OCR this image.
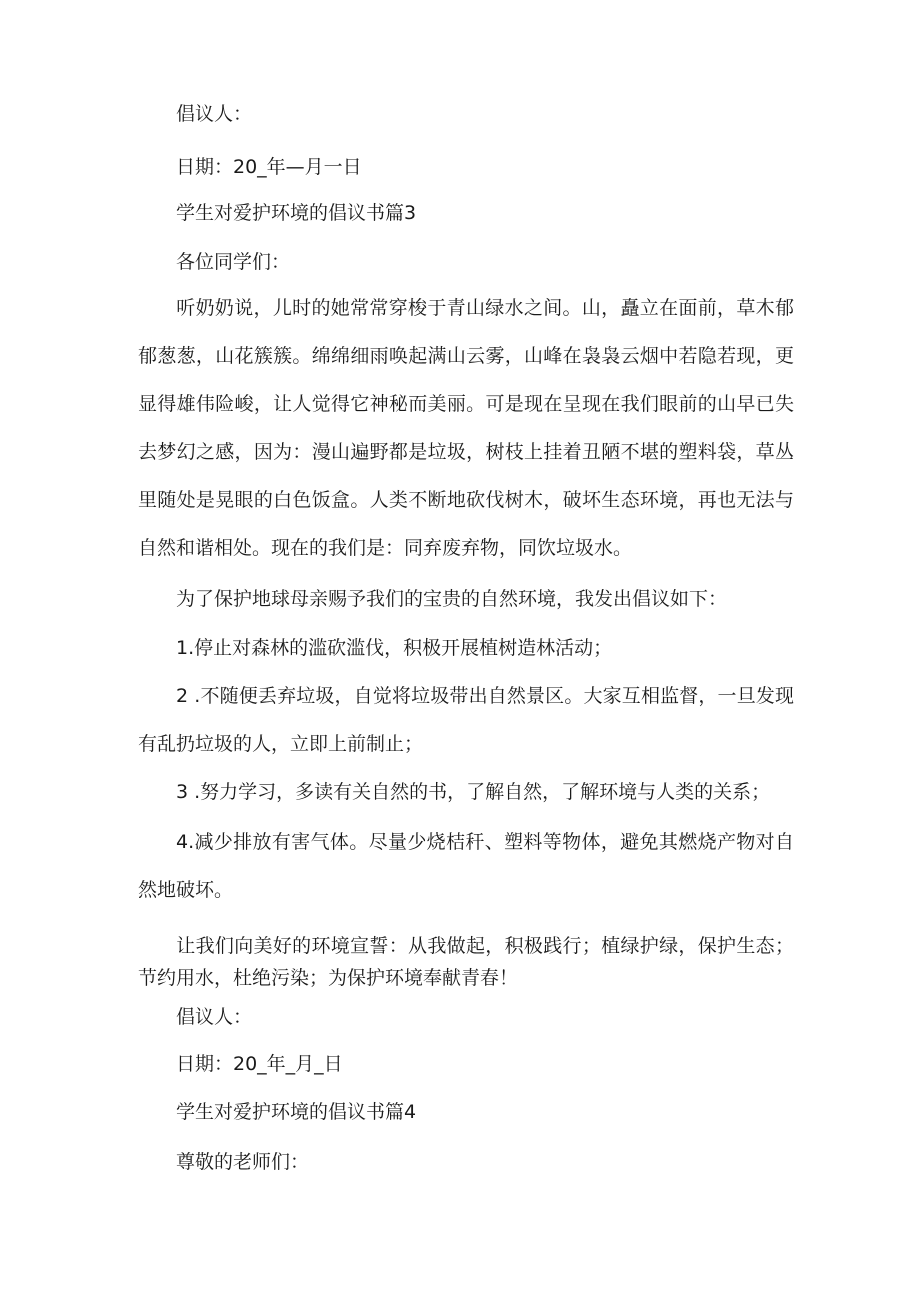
倡议人：
日期：20_年—月一日
学生对爱护环境的倡议书篇3
各位同学们：
听奶奶说，儿时的她常常穿梭于青山绿水之间。山，矗立在面前，草木郁郁葱葱，山花簇簇。绵绵细雨唤起满山云雾，山峰在袅袅云烟中若隐若现，更显得雄伟险峻，让人觉得它神秘而美丽。可是现在呈现在我们眼前的山早已失去梦幻之感，因为：漫山遍野都是垃圾，树枝上挂着丑陋不堪的塑料袋，草丛里随处是晃眼的白色饭盒。人类不断地砍伐树木，破坏生态环境，再也无法与自然和谐相处。现在的我们是：同弃废弃物，同饮垃圾水。
为了保护地球母亲赐予我们的宝贵的自然环境，我发出倡议如下：
1.停止对森林的滥砍滥伐，积极开展植树造林活动；
2 .不随便丢弃垃圾，自觉将垃圾带出自然景区。大家互相监督，一旦发现有乱扔垃圾的人，立即上前制止；
3 .努力学习，多读有关自然的书，了解自然，了解环境与人类的关系；
4.减少排放有害气体。尽量少烧桔秆、塑料等物体，避免其燃烧产物对自然地破坏。
让我们向美好的环境宣誓：从我做起，积极践行；植绿护绿，保护生态；节约用水，杜绝污染；为保护环境奉献青春！
倡议人：
日期：20_年_月_日
学生对爱护环境的倡议书篇4
尊敬的老师们：
